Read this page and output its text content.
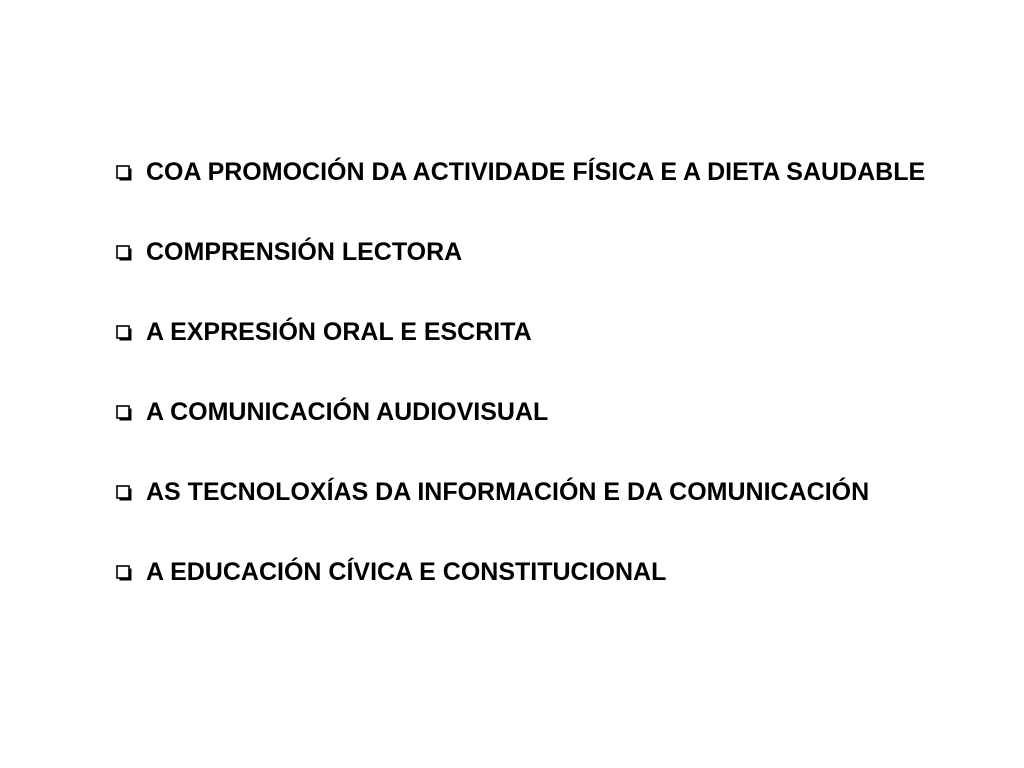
COA PROMOCIÓN DA ACTIVIDADE FÍSICA E A DIETA SAUDABLE
COMPRENSIÓN LECTORA
A EXPRESIÓN ORAL E ESCRITA
A COMUNICACIÓN AUDIOVISUAL
AS TECNOLOXÍAS DA INFORMACIÓN E DA COMUNICACIÓN
A EDUCACIÓN CÍVICA E CONSTITUCIONAL
